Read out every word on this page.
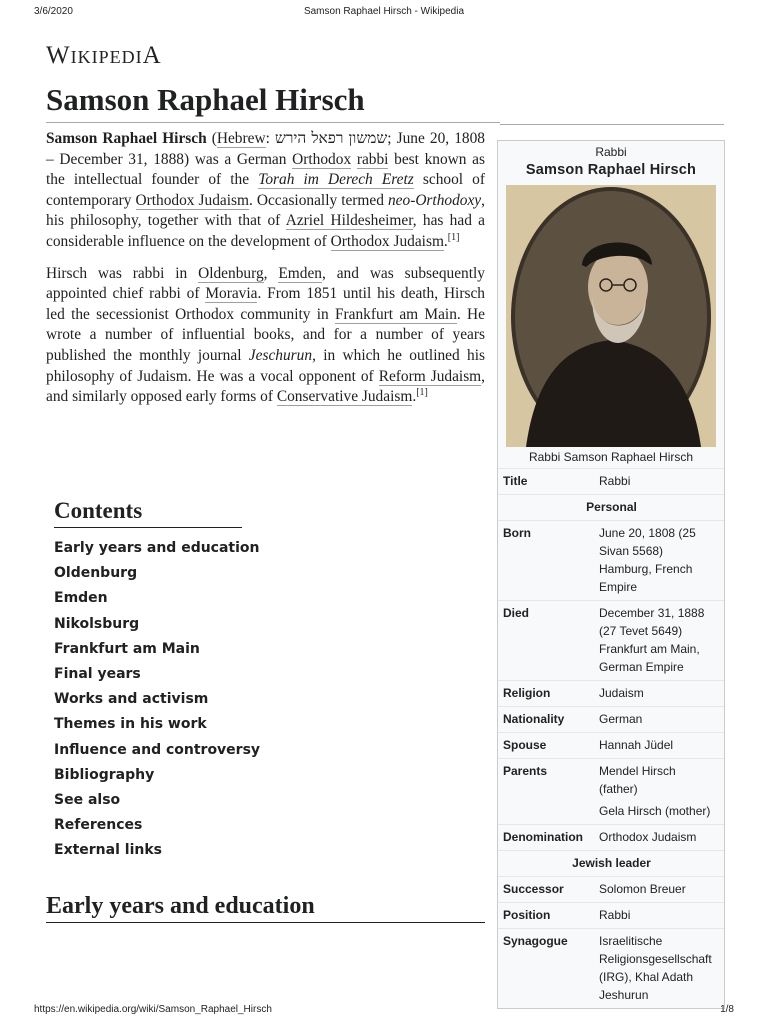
3/6/2020	Samson Raphael Hirsch - Wikipedia
WIKIPEDIA
Samson Raphael Hirsch

Samson Raphael Hirsch (Hebrew: שמשון רפאל הירש; June 20, 1808 – December 31, 1888) was a German Orthodox rabbi best known as the intellectual founder of the Torah im Derech Eretz school of contemporary Orthodox Judaism. Occasionally termed neo-Orthodoxy, his philosophy, together with that of Azriel Hildesheimer, has had a considerable influence on the development of Orthodox Judaism.[1]

Hirsch was rabbi in Oldenburg, Emden, and was subsequently appointed chief rabbi of Moravia. From 1851 until his death, Hirsch led the secessionist Orthodox community in Frankfurt am Main. He wrote a number of influential books, and for a number of years published the monthly journal Jeschurun, in which he outlined his philosophy of Judaism. He was a vocal opponent of Reform Judaism, and similarly opposed early forms of Conservative Judaism.[1]

Contents
Early years and education
Oldenburg
Emden
Nikolsburg
Frankfurt am Main
Final years
Works and activism
Themes in his work
Influence and controversy
Bibliography
See also
References
External links
Early years and education
Rabbi
Samson Raphael Hirsch
Rabbi Samson Raphael Hirsch
Title	Rabbi
Personal	
Born	June 20, 1808 (25
Sivan 5568)
Hamburg, French
Empire

Died	December 31, 1888
(27 Tevet 5649)
Frankfurt am Main,
German Empire

Religion	Judaism
Nationality	German
Spouse	Hannah Jüdel
Parents	Mendel Hirsch
(father)
Gela Hirsch (mother)

Denomination	Orthodox Judaism
Jewish leader	
Successor	Solomon Breuer
Position	Rabbi
Synagogue	Israelitische
Religionsgesellschaft
(IRG), Khal Adath
Jeshurun
https://en.wikipedia.org/wiki/Samson_Raphael_Hirsch	1/8
